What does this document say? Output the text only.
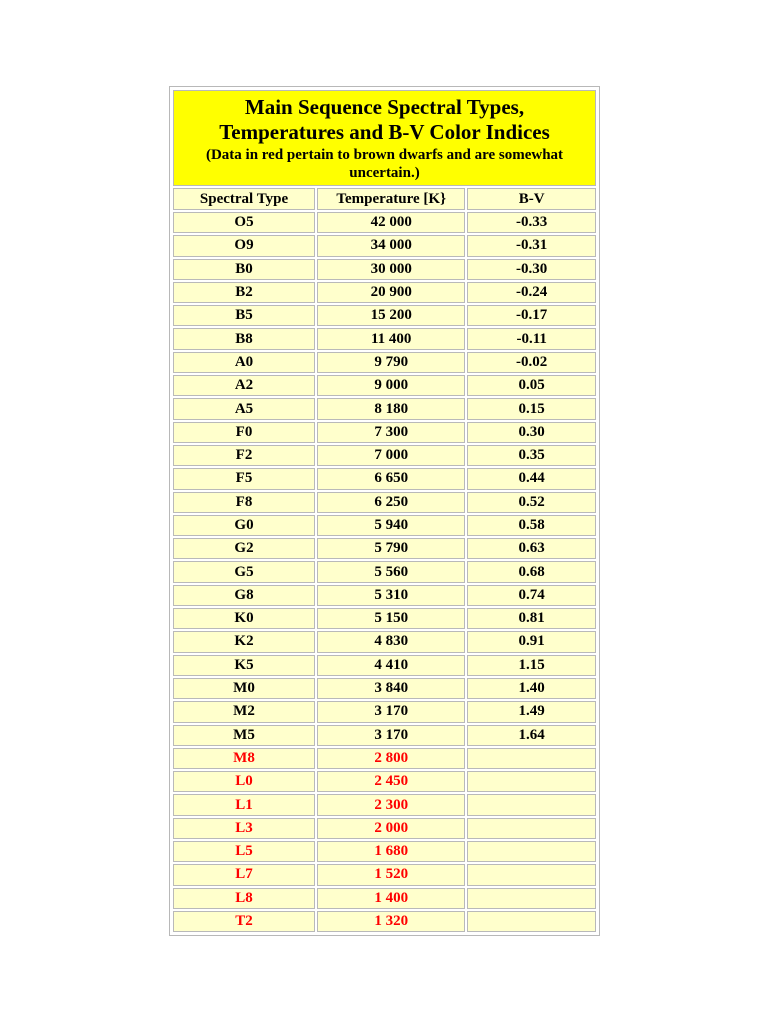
Main Sequence Spectral Types,
Temperatures and B-V Color Indices
(Data in red pertain to brown dwarfs and are somewhat uncertain.)		

Spectral Type	Temperature [K}	B-V
O5	42 000	-0.33
O9	34 000	-0.31
B0	30 000	-0.30
B2	20 900	-0.24
B5	15 200	-0.17
B8	11 400	-0.11
A0	9 790	-0.02
A2	9 000	0.05
A5	8 180	0.15
F0	7 300	0.30
F2	7 000	0.35
F5	6 650	0.44
F8	6 250	0.52
G0	5 940	0.58
G2	5 790	0.63
G5	5 560	0.68
G8	5 310	0.74
K0	5 150	0.81
K2	4 830	0.91
K5	4 410	1.15
M0	3 840	1.40
M2	3 170	1.49
M5	3 170	1.64
M8	2 800	
L0	2 450	
L1	2 300	
L3	2 000	
L5	1 680	
L7	1 520	
L8	1 400	
T2	1 320	
